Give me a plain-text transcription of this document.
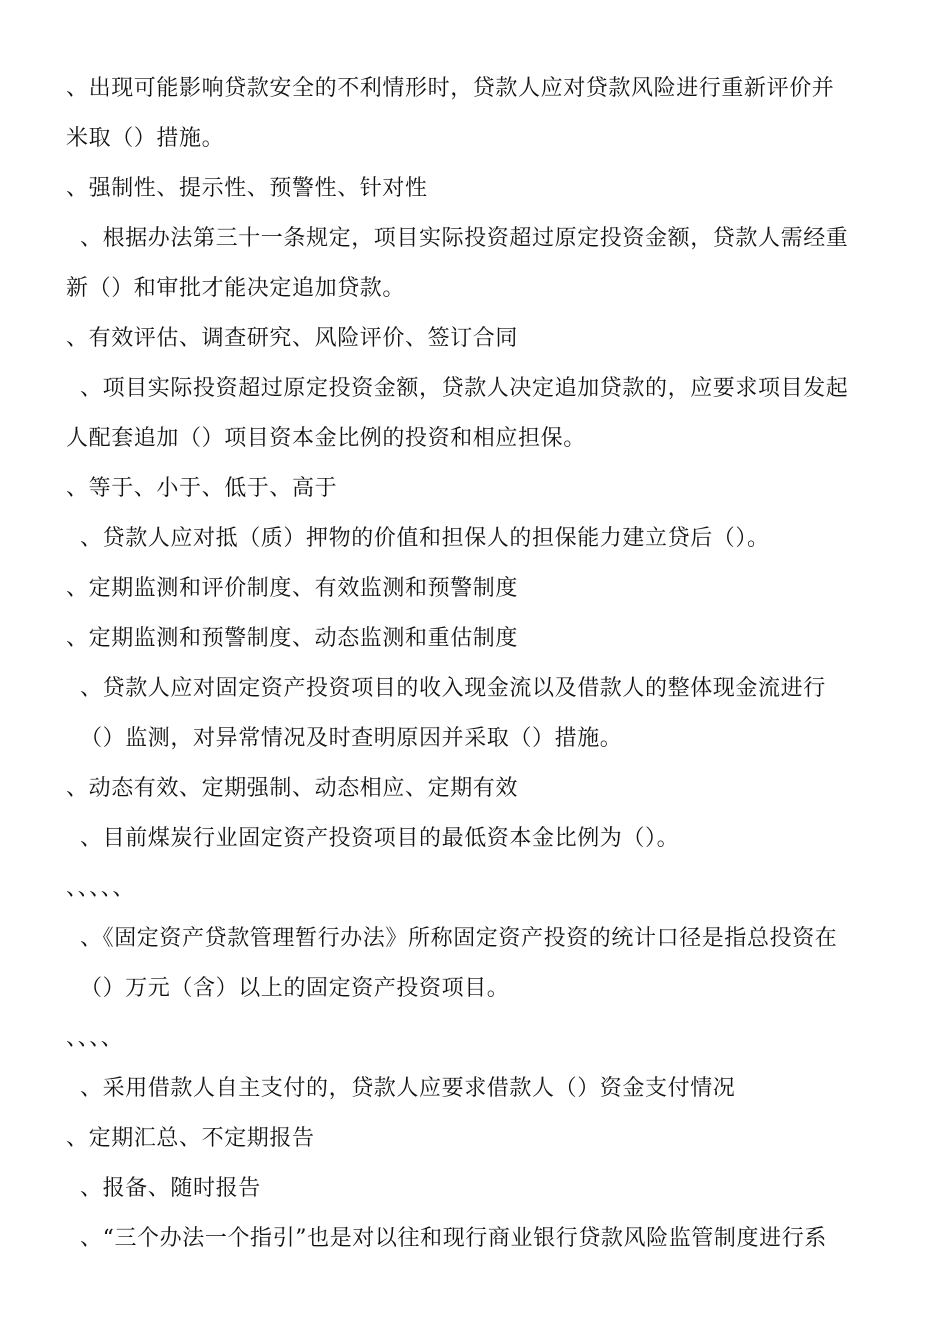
、出现可能影响贷款安全的不利情形时，贷款人应对贷款风险进行重新评价并
米取（）措施。
、强制性、提示性、预警性、针对性
、根据办法第三十一条规定，项目实际投资超过原定投资金额，贷款人需经重
新（）和审批才能决定追加贷款。
、有效评估、调查研究、风险评价、签订合同
、项目实际投资超过原定投资金额，贷款人决定追加贷款的，应要求项目发起
人配套追加（）项目资本金比例的投资和相应担保。
、等于、小于、低于、高于
、贷款人应对抵（质）押物的价值和担保人的担保能力建立贷后（）。
、定期监测和评价制度、有效监测和预警制度
、定期监测和预警制度、动态监测和重估制度
、贷款人应对固定资产投资项目的收入现金流以及借款人的整体现金流进行
（）监测，对异常情况及时查明原因并采取（）措施。
、动态有效、定期强制、动态相应、定期有效
、目前煤炭行业固定资产投资项目的最低资本金比例为（）。
、、、、、
、《固定资产贷款管理暂行办法》所称固定资产投资的统计口径是指总投资在
（）万元（含）以上的固定资产投资项目。
、、、、
、采用借款人自主支付的，贷款人应要求借款人（）资金支付情况
、定期汇总、不定期报告
、报备、随时报告
、“三个办法一个指引”也是对以往和现行商业银行贷款风险监管制度进行系
